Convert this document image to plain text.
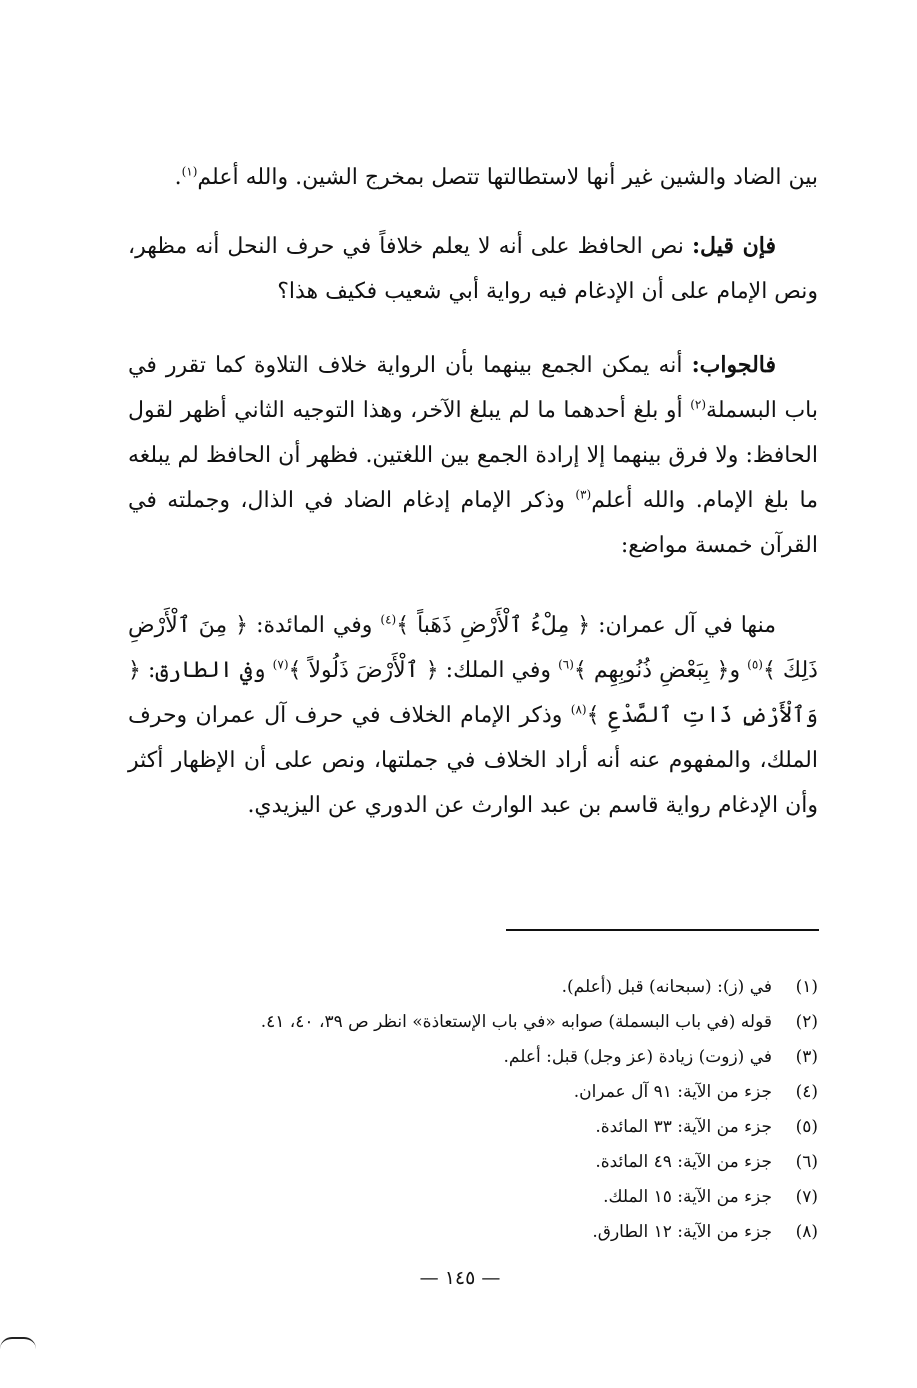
بين الضاد والشين غير أنها لاستطالتها تتصل بمخرج الشين. والله أعلم$^{(١)}$.

فإن قيل: نص الحافظ على أنه لا يعلم خلافاً في حرف النحل أنه مظهر، ونص الإمام على أن الإدغام فيه رواية أبي شعيب فكيف هذا؟

فالجواب: أنه يمكن الجمع بينهما بأن الرواية خلاف التلاوة كما تقرر في باب البسملة$^{(٢)}$ أو بلغ أحدهما ما لم يبلغ الآخر، وهذا التوجيه الثاني أظهر لقول الحافظ: ولا فرق بينهما إلا إرادة الجمع بين اللغتين. فظهر أن الحافظ لم يبلغه ما بلغ الإمام. والله أعلم$^{(٣)}$ وذكر الإمام إدغام الضاد في الذال، وجملته في القرآن خمسة مواضع:

منها في آل عمران: ﴿ مِلْءُ ٱلْأَرْضِ ذَهَباً ﴾$^{(٤)}$ وفي المائدة: ﴿ مِنَ ٱلْأَرْضِ ذَلِكَ ﴾$^{(٥)}$ و﴿ بِبَعْضِ ذُنُوبِهِم ﴾$^{(٦)}$ وفي الملك: ﴿ ٱلْأَرْضَ ذَلُولاً ﴾$^{(٧)}$ وفي الطارق: ﴿ وَٱلْأَرْضِ ذَاتِ ٱلصَّدْعِ ﴾$^{(٨)}$ وذكر الإمام الخلاف في حرف آل عمران وحرف الملك، والمفهوم عنه أنه أراد الخلاف في جملتها، ونص على أن الإظهار أكثر وأن الإدغام رواية قاسم بن عبد الوارث عن الدوري عن اليزيدي.

(١)
في (ز): (سبحانه) قبل (أعلم).
(٢)
قوله (في باب البسملة) صوابه «في باب الإستعاذة» انظر ص ٣٩، ٤٠، ٤١.
(٣)
في (زوت) زيادة (عز وجل) قبل: أعلم.
(٤)
جزء من الآية: ٩١ آل عمران.
(٥)
جزء من الآية: ٣٣ المائدة.
(٦)
جزء من الآية: ٤٩ المائدة.
(٧)
جزء من الآية: ١٥ الملك.
(٨)
جزء من الآية: ١٢ الطارق.
— ١٤٥ —
